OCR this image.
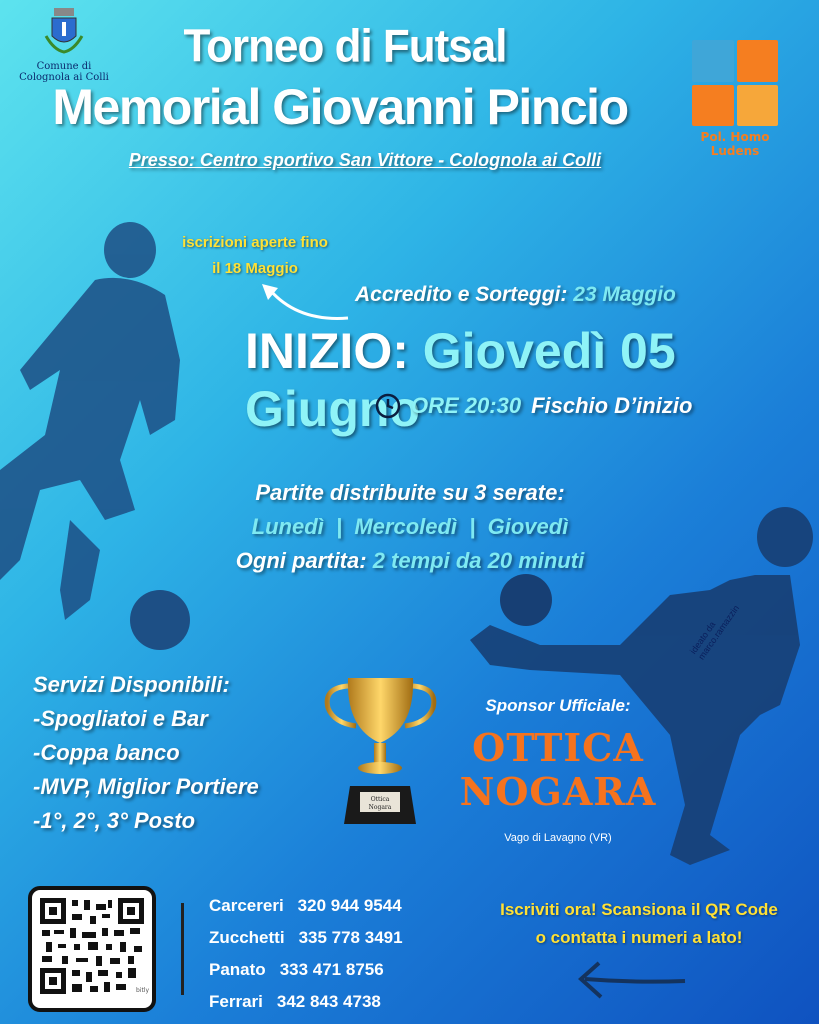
Comune di
Colognola ai Colli
Torneo di Futsal
Memorial Giovanni Pincio
Presso: Centro sportivo San Vittore - Colognola ai Colli
Pol. Homo Ludens
iscrizioni aperte fino
il 18 Maggio
Accredito e Sorteggi: 23 Maggio
INIZIO: Giovedì 05 Giugno
ORE 20:30 Fischio D’inizio
Partite distribuite su 3 serate:
Lunedì  |  Mercoledì  |  Giovedì
Ogni partita: 2 tempi da 20 minuti
Servizi Disponibili:
-Spogliatoi e Bar
-Coppa banco
-MVP, Miglior Portiere
-1°, 2°, 3° Posto
Ottica
Nogara
Sponsor Ufficiale:
OTTICA
NOGARA
Vago di Lavagno (VR)
ideato da marco.ramazzin
bitly
Carcereri 320 944 9544
Zucchetti 335 778 3491
Panato 333 471 8756
Ferrari 342 843 4738
Iscriviti ora! Scansiona il QR Code
o contatta i numeri a lato!
